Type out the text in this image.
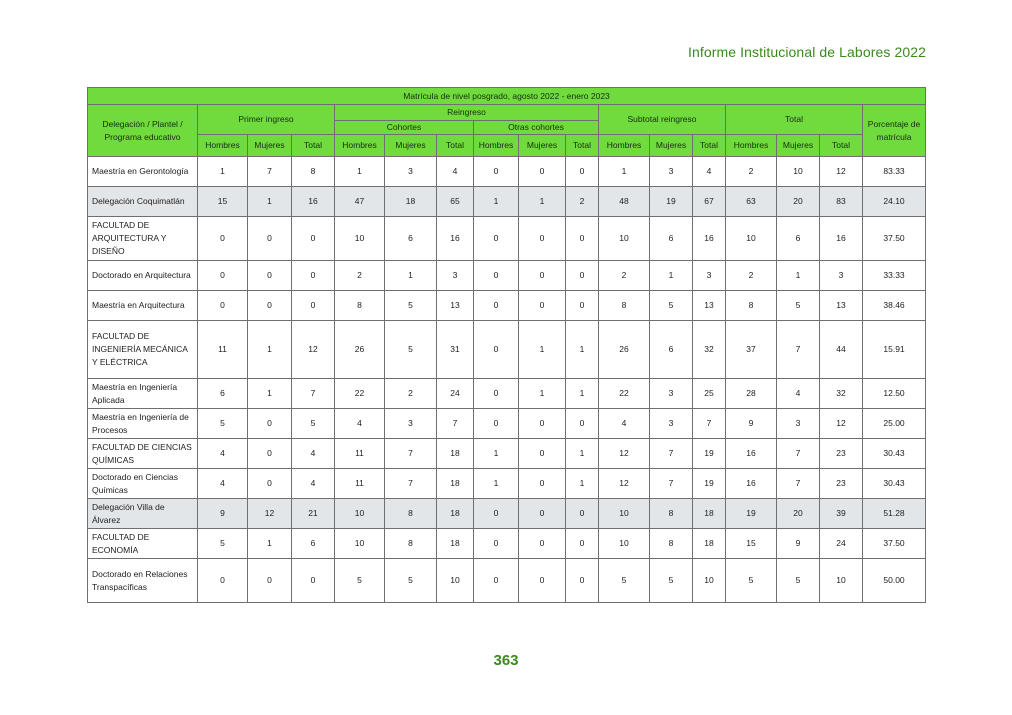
Informe Institucional de Labores 2022
Matrícula de nivel posgrado, agosto 2022 - enero 2023																
Delegación / Plantel / Programa educativo	Primer ingreso			Reingreso						Subtotal reingreso			Total			Porcentaje de matrícula
				Cohortes			Otras cohortes									
	Hombres	Mujeres	Total	Hombres	Mujeres	Total	Hombres	Mujeres	Total	Hombres	Mujeres	Total	Hombres	Mujeres	Total	
Maestría en Gerontología	1	7	8	1	3	4	0	0	0	1	3	4	2	10	12	83.33
Delegación Coquimatlán	15	1	16	47	18	65	1	1	2	48	19	67	63	20	83	24.10
FACULTAD DE ARQUITECTURA Y DISEÑO	0	0	0	10	6	16	0	0	0	10	6	16	10	6	16	37.50
Doctorado en Arquitectura	0	0	0	2	1	3	0	0	0	2	1	3	2	1	3	33.33
Maestría en Arquitectura	0	0	0	8	5	13	0	0	0	8	5	13	8	5	13	38.46
FACULTAD DE INGENIERÍA MECÁNICA Y ELÉCTRICA	11	1	12	26	5	31	0	1	1	26	6	32	37	7	44	15.91
Maestría en Ingeniería Aplicada	6	1	7	22	2	24	0	1	1	22	3	25	28	4	32	12.50
Maestría en Ingeniería de Procesos	5	0	5	4	3	7	0	0	0	4	3	7	9	3	12	25.00
FACULTAD DE CIENCIAS QUÍMICAS	4	0	4	11	7	18	1	0	1	12	7	19	16	7	23	30.43
Doctorado en Ciencias Químicas	4	0	4	11	7	18	1	0	1	12	7	19	16	7	23	30.43
Delegación Villa de Álvarez	9	12	21	10	8	18	0	0	0	10	8	18	19	20	39	51.28
FACULTAD DE ECONOMÍA	5	1	6	10	8	18	0	0	0	10	8	18	15	9	24	37.50
Doctorado en Relaciones Transpacíficas	0	0	0	5	5	10	0	0	0	5	5	10	5	5	10	50.00
363
